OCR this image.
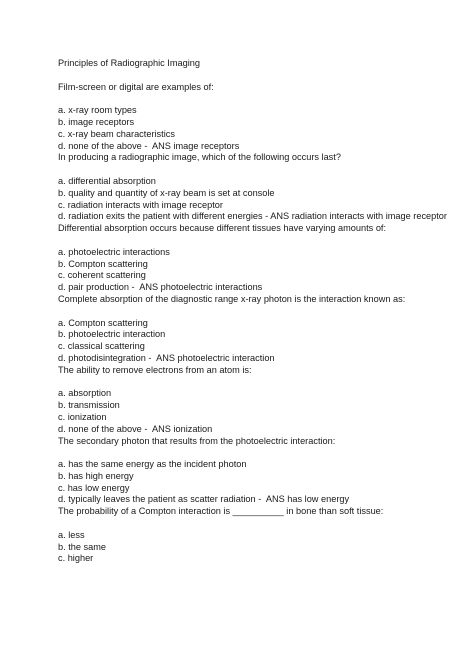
Principles of Radiographic Imaging
Film-screen or digital are examples of:
a. x-ray room types
b. image receptors
c. x-ray beam characteristics
d. none of the above -  ANS image receptors
In producing a radiographic image, which of the following occurs last?
a. differential absorption
b. quality and quantity of x-ray beam is set at console
c. radiation interacts with image receptor
d. radiation exits the patient with different energies - ANS radiation interacts with image receptor
Differential absorption occurs because different tissues have varying amounts of:
a. photoelectric interactions
b. Compton scattering
c. coherent scattering
d. pair production -  ANS photoelectric interactions
Complete absorption of the diagnostic range x-ray photon is the interaction known as:
a. Compton scattering
b. photoelectric interaction
c. classical scattering
d. photodisintegration -  ANS photoelectric interaction
The ability to remove electrons from an atom is:
a. absorption
b. transmission
c. ionization
d. none of the above -  ANS ionization
The secondary photon that results from the photoelectric interaction:
a. has the same energy as the incident photon
b. has high energy
c. has low energy
d. typically leaves the patient as scatter radiation -  ANS has low energy
The probability of a Compton interaction is __________ in bone than soft tissue:
a. less
b. the same
c. higher
